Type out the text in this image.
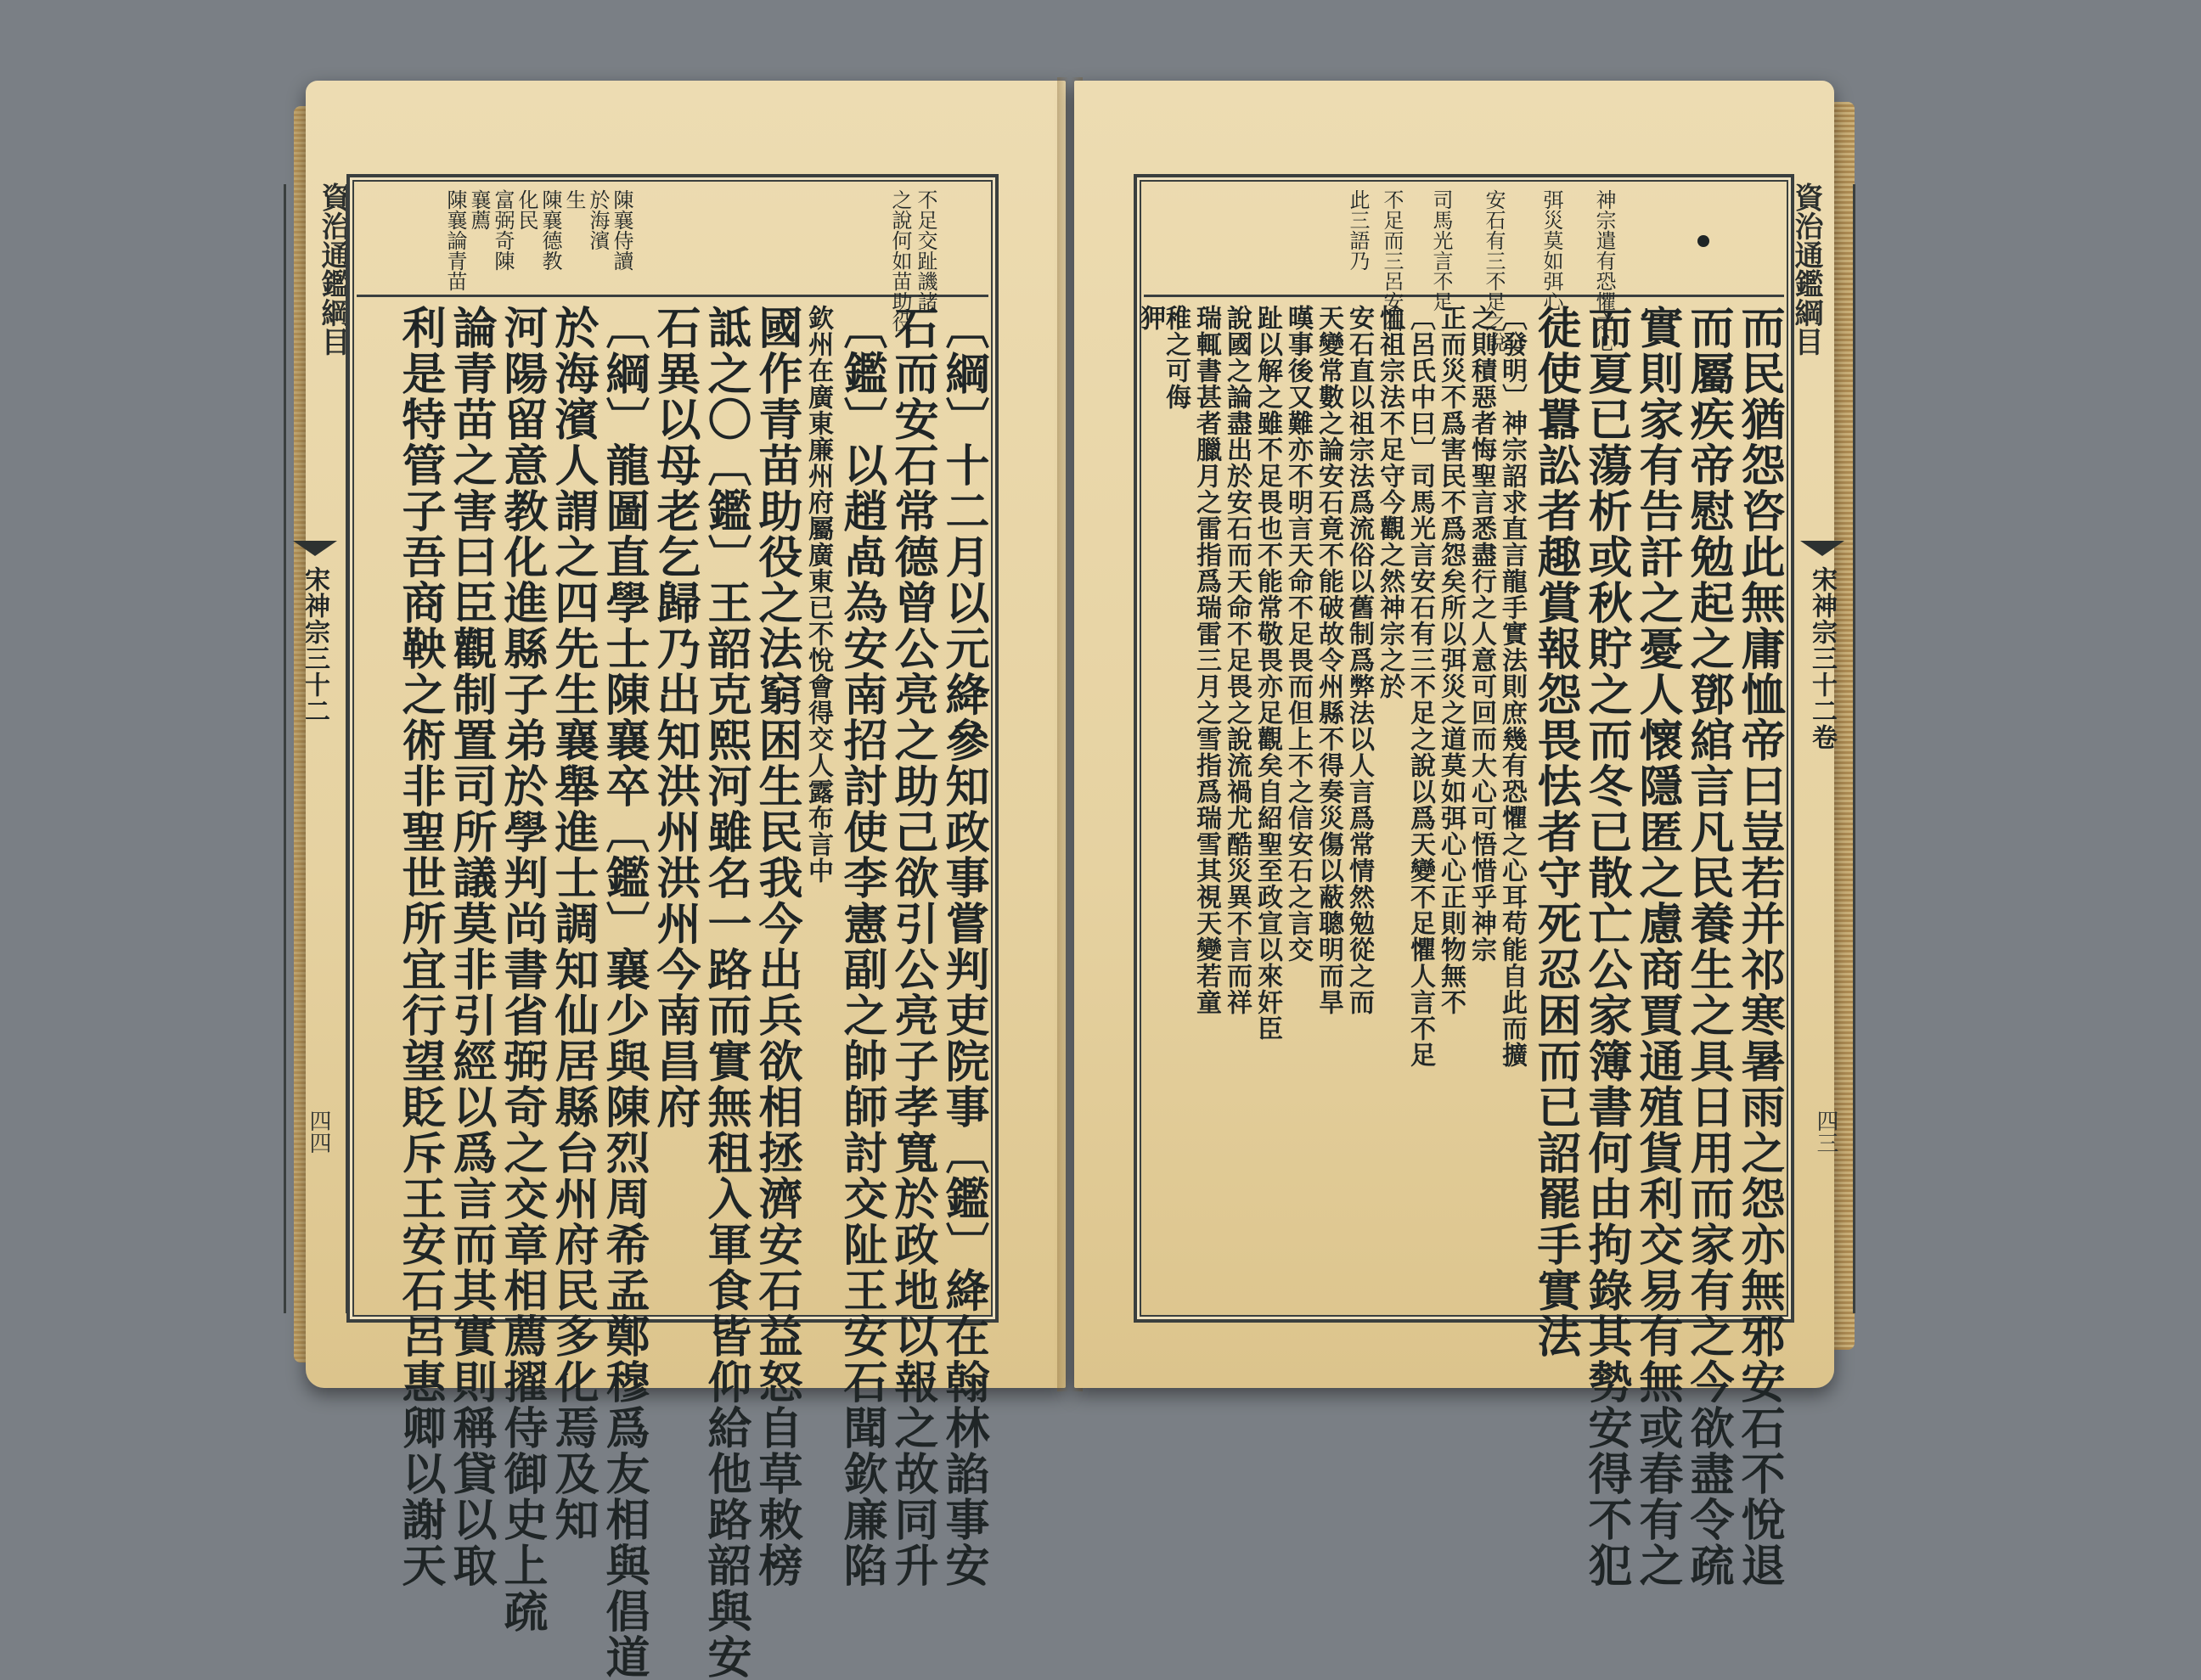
資治通鑑綱目	不足交趾譏諸
之說何如苗助役
陳襄侍讀
於海濱
生
陳襄德教
化民
富弼奇陳
襄薦
陳襄論青苗
〔綱〕十二月以元絳參知政事嘗判吏院事〔鑑〕絳在翰林諂事安
石而安石常德曾公亮之助己欲引公亮子孝寬於政地以報之故同升
〔鑑〕以趙卨為安南招討使李憲副之帥師討交阯王安石聞欽廉陷
欽州在廣東廉州府屬廣東已不悅會得交人露布言中
國作青苗助役之法窮困生民我今出兵欲相拯濟安石益怒自草敕榜
詆之〇〔鑑〕王韶克熙河雖名一路而實無租入軍食皆仰給他路韶與安
石異以母老乞歸乃出知洪州洪州今南昌府
〔綱〕龍圖直學士陳襄卒〔鑑〕襄少與陳烈周希孟鄭穆爲友相與倡道
於海濱人謂之四先生襄舉進士調知仙居縣台州府民多化焉及知
河陽留意教化進縣子弟於學判尚書省弼奇之交章相薦擢侍御史上疏
論青苗之害曰臣觀制置司所議莫非引經以爲言而其實則稱貸以取
利是特管子吾商鞅之術非聖世所宜行望貶斥王安石呂惠卿以謝天
宋神宗三十二
四四
神宗遣有恐懼之心
弭災莫如弭心
安石有三不足之說
司馬光言不足
不足而三呂安石
此三語乃
而民猶怨咨此無庸恤帝曰豈若并祁寒暑雨之怨亦無邪安石不悅退
而屬疾帝慰勉起之鄧綰言凡民養生之具日用而家有之今欲盡令疏
實則家有告訐之憂人懷隱匿之慮商賈通殖貨利交易有無或春有之
而夏已蕩析或秋貯之而冬已散亡公家簿書何由拘錄其勢安得不犯
徒使囂訟者趣賞報怨畏怯者守死忍困而已詔罷手實法
〔發明〕神宗詔求直言龍手實法則庶幾有恐懼之心耳苟能自此而擴
之則積惡者悔聖言悉盡行之人意可回而大心可悟惜乎神宗
正而災不爲害民不爲怨矣所以弭災之道莫如弭心心正則物無不
〔呂氏中曰〕司馬光言安石有三不足之說以爲天變不足懼人言不足
恤祖宗法不足守今觀之然神宗之於
安石直以祖宗法爲流俗以舊制爲弊法以人言爲常情然勉從之而
天變常數之論安石竟不能破故令州縣不得奏災傷以蔽聰明而旱
暵事後又難亦不明言天命不足畏而但上不之信安石之言交
趾以解之雖不足畏也不能常敬畏亦足觀矣自紹聖至政宣以來奸臣
說國之論盡出於安石而天命不足畏之說流禍尤酷災異不言而祥
瑞輒書甚者臘月之雷指爲瑞雷三月之雪指爲瑞雪其視天變若童
稚之可侮
狎
宋神宗三十二卷
四三
資治通鑑綱目
